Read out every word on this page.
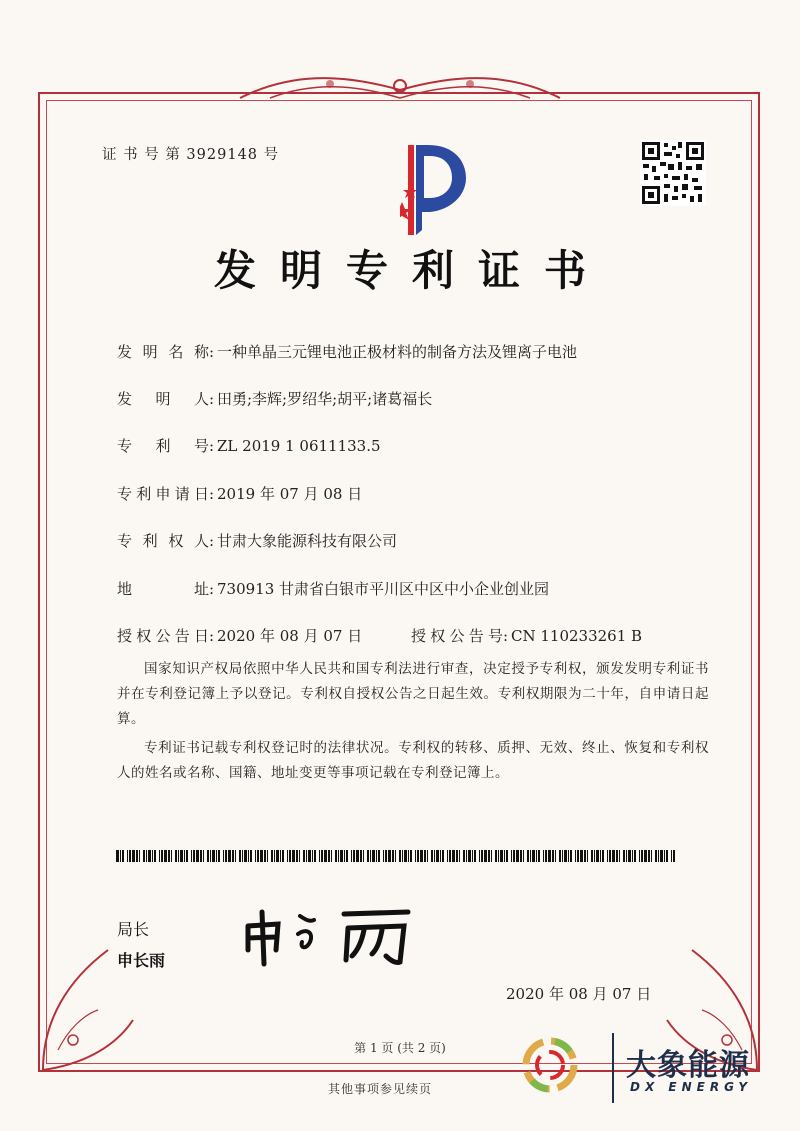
证 书 号 第 3929148 号
发明专利证书
发明名称: 一种单晶三元锂电池正极材料的制备方法及锂离子电池
发明人: 田勇;李辉;罗绍华;胡平;诸葛福长
专利号: ZL 2019 1 0611133.5
专利申请日: 2019 年 07 月 08 日
专利权人: 甘肃大象能源科技有限公司
地址: 730913 甘肃省白银市平川区中区中小企业创业园
授权公告日: 2020 年 08 月 07 日	授权公告号: CN 110233261 B

国家知识产权局依照中华人民共和国专利法进行审查，决定授予专利权，颁发发明专利证书并在专利登记簿上予以登记。专利权自授权公告之日起生效。专利权期限为二十年，自申请日起算。

专利证书记载专利权登记时的法律状况。专利权的转移、质押、无效、终止、恢复和专利权人的姓名或名称、国籍、地址变更等事项记载在专利登记簿上。

局长
申长雨
2020 年 08 月 07 日
第 1 页 (共 2 页)
其他事项参见续页
大象能源
DX ENERGY
